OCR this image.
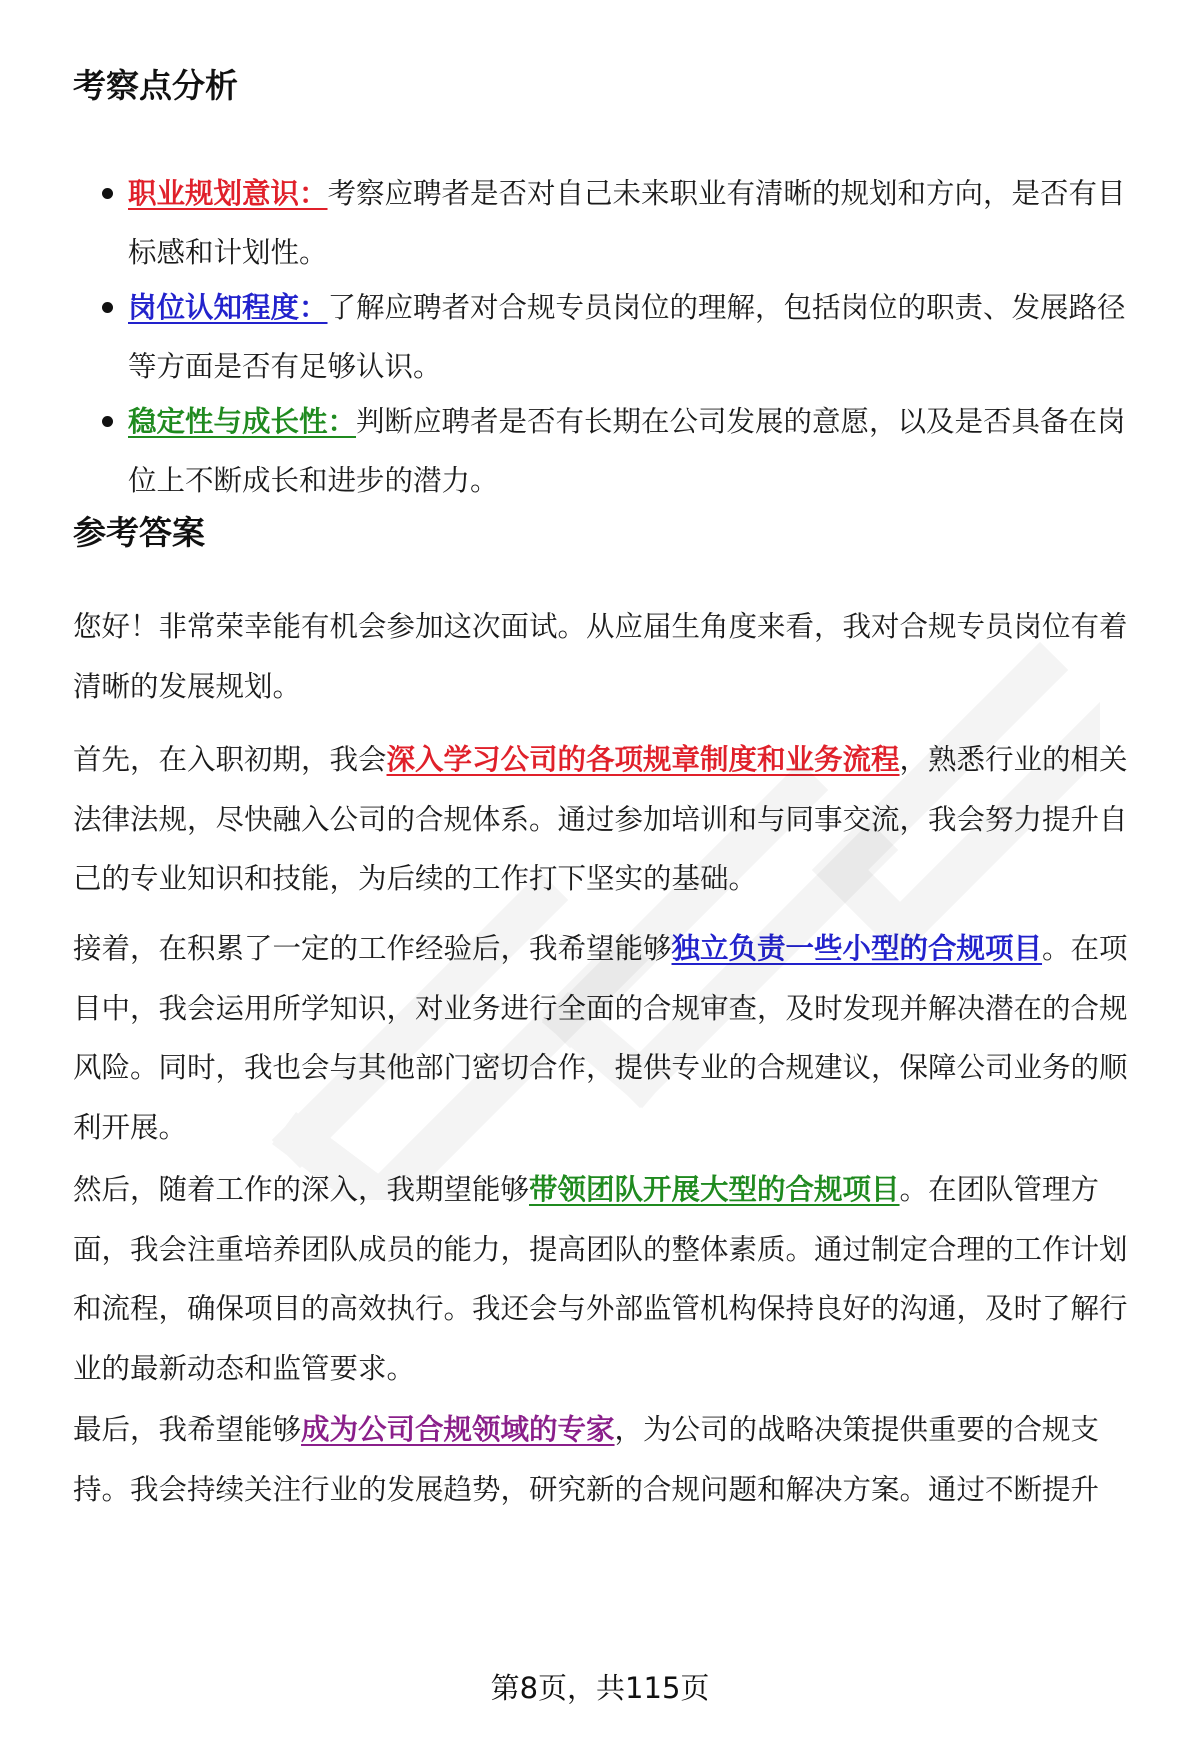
考察点分析
职业规划意识：考察应聘者是否对自己未来职业有清晰的规划和方向，是否有目标感和计划性。
岗位认知程度：了解应聘者对合规专员岗位的理解，包括岗位的职责、发展路径等方面是否有足够认识。
稳定性与成长性：判断应聘者是否有长期在公司发展的意愿，以及是否具备在岗位上不断成长和进步的潜力。
参考答案

您好！非常荣幸能有机会参加这次面试。从应届生角度来看，我对合规专员岗位有着清晰的发展规划。

首先，在入职初期，我会深入学习公司的各项规章制度和业务流程，熟悉行业的相关法律法规，尽快融入公司的合规体系。通过参加培训和与同事交流，我会努力提升自己的专业知识和技能，为后续的工作打下坚实的基础。

接着，在积累了一定的工作经验后，我希望能够独立负责一些小型的合规项目。在项目中，我会运用所学知识，对业务进行全面的合规审查，及时发现并解决潜在的合规风险。同时，我也会与其他部门密切合作，提供专业的合规建议，保障公司业务的顺利开展。

然后，随着工作的深入，我期望能够带领团队开展大型的合规项目。在团队管理方面，我会注重培养团队成员的能力，提高团队的整体素质。通过制定合理的工作计划和流程，确保项目的高效执行。我还会与外部监管机构保持良好的沟通，及时了解行业的最新动态和监管要求。

最后，我希望能够成为公司合规领域的专家，为公司的战略决策提供重要的合规支持。我会持续关注行业的发展趋势，研究新的合规问题和解决方案。通过不断提升

第8页，共115页
